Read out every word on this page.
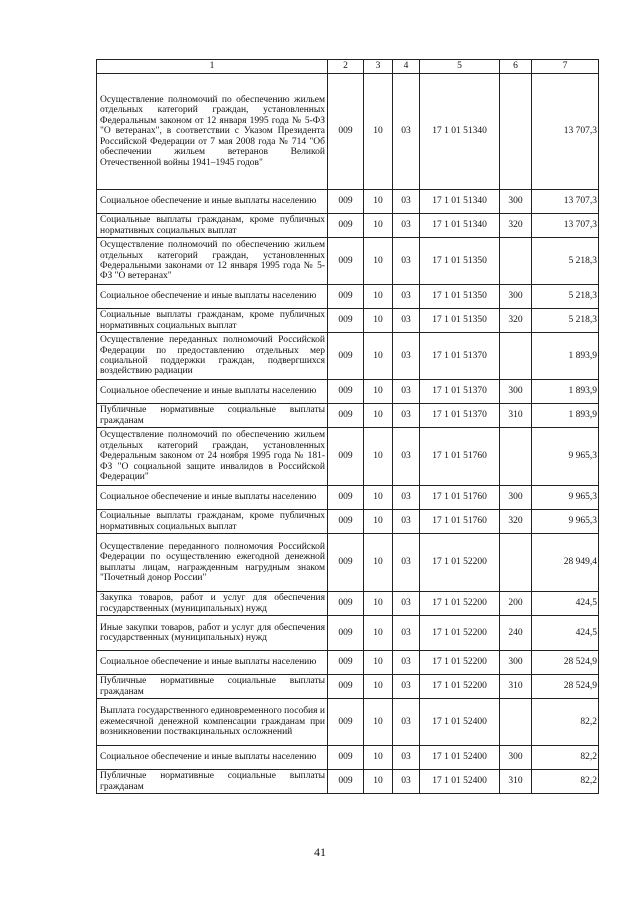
1	2	3	4	5	6	7
Осуществление полномочий по обеспечению жильем отдельных категорий граждан, установленных Федеральным законом от 12 января 1995 года № 5-ФЗ "О ветеранах", в соответствии с Указом Президента Российской Федерации от 7 мая 2008 года № 714 "Об обеспечении жильем ветеранов Великой Отечественной войны 1941–1945 годов"	009	10	03	17 1 01 51340		13 707,3
Социальное обеспечение и иные выплаты населению	009	10	03	17 1 01 51340	300	13 707,3
Социальные выплаты гражданам, кроме публичных нормативных социальных выплат	009	10	03	17 1 01 51340	320	13 707,3
Осуществление полномочий по обеспечению жильем отдельных категорий граждан, установленных Федеральными законами от 12 января 1995 года № 5-ФЗ "О ветеранах"	009	10	03	17 1 01 51350		5 218,3
Социальное обеспечение и иные выплаты населению	009	10	03	17 1 01 51350	300	5 218,3
Социальные выплаты гражданам, кроме публичных нормативных социальных выплат	009	10	03	17 1 01 51350	320	5 218,3
Осуществление переданных полномочий Российской Федерации по предоставлению отдельных мер социальной поддержки граждан, подвергшихся воздействию радиации	009	10	03	17 1 01 51370		1 893,9
Социальное обеспечение и иные выплаты населению	009	10	03	17 1 01 51370	300	1 893,9
Публичные нормативные социальные выплаты гражданам	009	10	03	17 1 01 51370	310	1 893,9
Осуществление полномочий по обеспечению жильем отдельных категорий граждан, установленных Федеральным законом от 24 ноября 1995 года № 181-ФЗ "О социальной защите инвалидов в Российской Федерации"	009	10	03	17 1 01 51760		9 965,3
Социальное обеспечение и иные выплаты населению	009	10	03	17 1 01 51760	300	9 965,3
Социальные выплаты гражданам, кроме публичных нормативных социальных выплат	009	10	03	17 1 01 51760	320	9 965,3
Осуществление переданного полномочия Российской Федерации по осуществлению ежегодной денежной выплаты лицам, награжденным нагрудным знаком "Почетный донор России"	009	10	03	17 1 01 52200		28 949,4
Закупка товаров, работ и услуг для обеспечения государственных (муниципальных) нужд	009	10	03	17 1 01 52200	200	424,5
Иные закупки товаров, работ и услуг для обеспечения государственных (муниципальных) нужд	009	10	03	17 1 01 52200	240	424,5
Социальное обеспечение и иные выплаты населению	009	10	03	17 1 01 52200	300	28 524,9
Публичные нормативные социальные выплаты гражданам	009	10	03	17 1 01 52200	310	28 524,9
Выплата государственного единовременного пособия и ежемесячной денежной компенсации гражданам при возникновении поствакцинальных осложнений	009	10	03	17 1 01 52400		82,2
Социальное обеспечение и иные выплаты населению	009	10	03	17 1 01 52400	300	82,2
Публичные нормативные социальные выплаты гражданам	009	10	03	17 1 01 52400	310	82,2
41
